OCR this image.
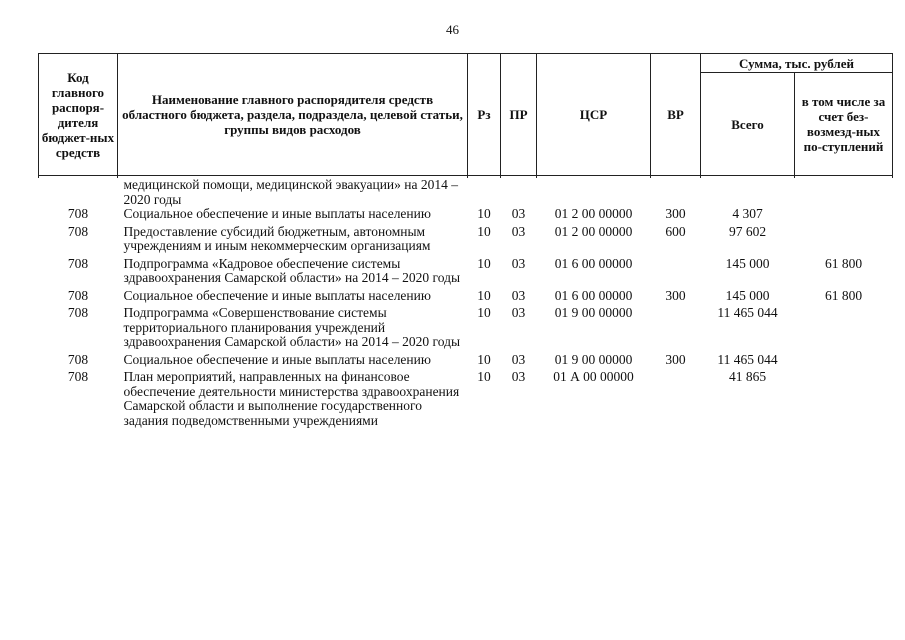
46
Код главного распоря-дителя бюджет-ных средств	Наименование главного распорядителя средств областного бюджета, раздела, подраздела, целевой статьи, группы видов расходов	Рз	ПР	ЦСР	ВР	Сумма, тыс. рублей	
						Всего	в том числе за счет без-возмезд-ных по-ступлений

	медицинской помощи, медицинской эвакуации» на 2014 – 2020 годы						
708	Социальное обеспечение и иные выплаты населению	10	03	01 2 00 00000	300	4 307	
708	Предоставление субсидий бюджетным, автономным учреждениям и иным некоммерческим организациям	10	03	01 2 00 00000	600	97 602	
708	Подпрограмма «Кадровое обеспечение системы здравоохранения Самарской области» на 2014 – 2020 годы	10	03	01 6 00 00000		145 000	61 800
708	Социальное обеспечение и иные выплаты населению	10	03	01 6 00 00000	300	145 000	61 800
708	Подпрограмма «Совершенствование системы территориального планирования учреждений здравоохранения Самарской области» на 2014 – 2020 годы	10	03	01 9 00 00000		11 465 044	
708	Социальное обеспечение и иные выплаты населению	10	03	01 9 00 00000	300	11 465 044	
708	План мероприятий, направленных на финансовое обеспечение деятельности министерства здравоохранения Самарской области и выполнение государственного задания подведомственными учреждениями	10	03	01 А 00 00000		41 865	
